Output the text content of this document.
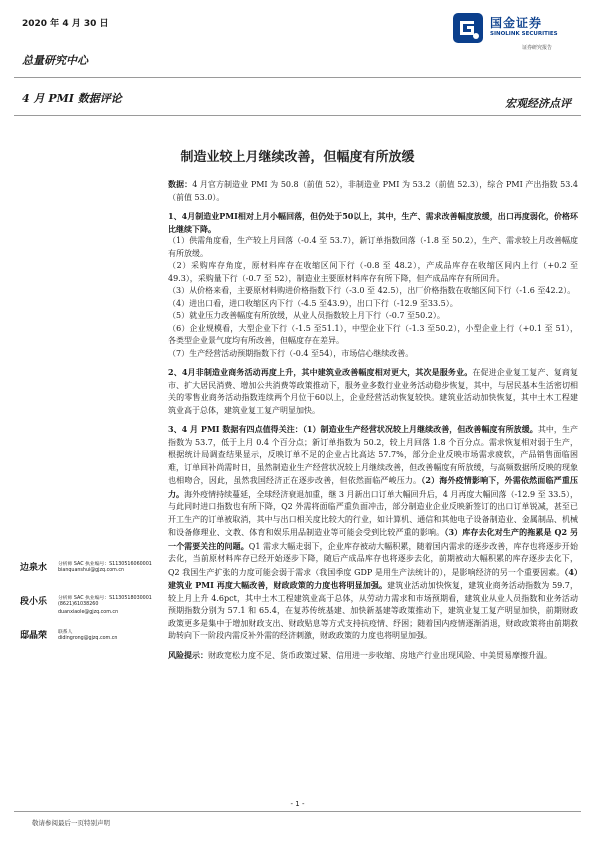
2020 年 4 月 30 日
总量研究中心
4 月 PMI 数据评论	宏观经济点评
国金证券
SINOLINK SECURITIES
证券研究报告
制造业较上月继续改善，但幅度有所放缓

数据：4 月官方制造业 PMI 为 50.8（前值 52），非制造业 PMI 为 53.2（前值 52.3），综合 PMI 产出指数 53.4（前值 53.0）。

1、4月制造业PMI相对上月小幅回落，但仍处于50以上，其中，生产、需求改善幅度放缓，出口再度弱化，价格环比继续下降。

（1）供需角度看，生产较上月回落（-0.4 至 53.7），新订单指数回落（-1.8 至 50.2），生产、需求较上月改善幅度有所放缓。

（2）采购库存角度，原材料库存在收缩区间下行（-0.8 至 48.2），产成品库存在收缩区间内上行（+0.2 至 49.3），采购量下行（-0.7 至 52），制造业主要原材料库存有所下降，但产成品库存有所回升。

（3）从价格来看，主要原材料购进价格指数下行（-3.0 至 42.5），出厂价格指数在收缩区间下行（-1.6 至42.2）。

（4）进出口看，进口收缩区内下行（-4.5 至43.9），出口下行（-12.9 至33.5）。

（5）就业压力改善幅度有所放缓，从业人员指数较上月下行（-0.7 至50.2）。

（6）企业规模看，大型企业下行（-1.5 至51.1），中型企业下行（-1.3 至50.2），小型企业上行（+0.1 至 51），各类型企业景气度均有所改善，但幅度存在差异。

（7）生产经营活动预期指数下行（-0.4 至54），市场信心继续改善。

2、4月非制造业商务活动再度上升，其中建筑业改善幅度相对更大，其次是服务业。在促进企业复工复产、复商复市、扩大居民消费、增加公共消费等政策推动下，服务业多数行业业务活动稳步恢复，其中，与居民基本生活密切相关的零售业商务活动指数连续两个月位于60以上，企业经营活动恢复较快。建筑业活动加快恢复，其中土木工程建筑业高于总体，建筑业复工复产明显加快。

3、4 月 PMI 数据有四点值得关注：（1）制造业生产经营状况较上月继续改善，但改善幅度有所放缓。其中，生产指数为 53.7，低于上月 0.4 个百分点；新订单指数为 50.2，较上月回落 1.8 个百分点。需求恢复相对弱于生产，根据统计局调查结果显示，反映订单不足的企业占比高达 57.7%，部分企业反映市场需求疲软，产品销售面临困难，订单回补尚需时日，虽然制造业生产经营状况较上月继续改善，但改善幅度有所放缓，与高频数据所反映的现象也相吻合，因此，虽然我国经济正在逐步改善，但依然面临严峻压力。（2）海外疫情影响下，外需依然面临严重压力。海外疫情持续蔓延，全球经济衰退加重，继 3 月新出口订单大幅回升后，4 月再度大幅回落（-12.9 至 33.5），与此同时进口指数也有所下降，Q2 外需将面临严重负面冲击，部分制造业企业反映新签订的出口订单锐减，甚至已开工生产的订单被取消，其中与出口相关度比较大的行业，如计算机、通信和其他电子设备制造业、金属制品、机械和设备修理业、文教、体育和娱乐用品制造业等可能会受到比较严重的影响。（3）库存去化对生产的拖累是 Q2 另一个需要关注的问题。Q1 需求大幅走弱下，企业库存被动大幅积累，随着国内需求的逐步改善，库存也将逐步开始去化，当前原材料库存已经开始逐步下降，随后产成品库存也将逐步去化，前期被动大幅积累的库存逐步去化下，Q2 我国生产扩张的力度可能会弱于需求（我国季度 GDP 是用生产法统计的），是影响经济的另一个重要因素。（4）建筑业 PMI 再度大幅改善，财政政策的力度也将明显加强。建筑业活动加快恢复，建筑业商务活动指数为 59.7，较上月上升 4.6pct，其中土木工程建筑业高于总体，从劳动力需求和市场预期看，建筑业从业人员指数和业务活动预期指数分别为 57.1 和 65.4，在复苏传统基建、加快新基建等政策推动下，建筑业复工复产明显加快，前期财政政策更多是集中于增加财政支出、财政贴息等方式支持抗疫情、纾困；随着国内疫情逐渐消退，财政政策将由前期救助转向下一阶段内需反补外需的经济刺激，财政政策的力度也将明显加强。

风险提示：财政宽松力度不足、货币政策过紧、信用进一步收缩、房地产行业出现风险、中美贸易摩擦升温。

边泉水 分析师 SAC 执业编号：S1130516060001
bianquanshui@gjzq.com.cn
段小乐 分析师 SAC 执业编号：S1130518030001
(8621)61038260
duanxiaole@gjzq.com.cn
邸晶荣 联系人
didingrong@gjzq.com.cn
- 1 -
敬请参阅最后一页特别声明
